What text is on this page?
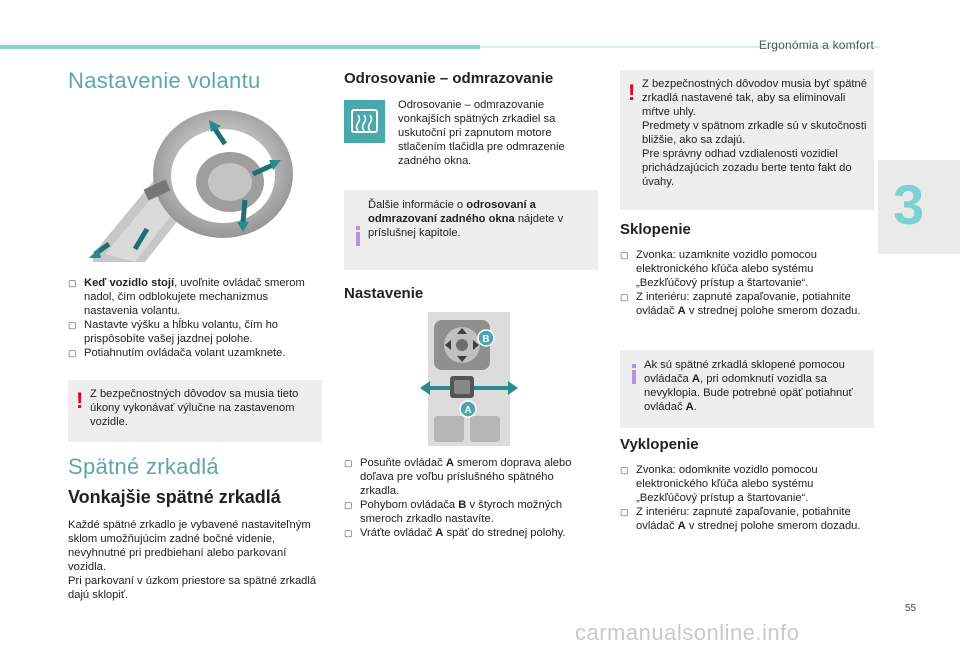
Ergonómia a komfort
3
Nastavenie volantu
▢ Keď vozidlo stojí, uvoľnite ovládač smerom nadol, čím odblokujete mechanizmus nastavenia volantu.
▢ Nastavte výšku a hĺbku volantu, čím ho prispôsobíte vašej jazdnej polohe.
▢ Potiahnutím ovládača volant uzamknete.
! Z bezpečnostných dôvodov sa musia tieto úkony vykonávať výlučne na zastavenom vozidle.
Spätné zrkadlá
Vonkajšie spätné zrkadlá
Každé spätné zrkadlo je vybavené nastaviteľným sklom umožňujúcim zadné bočné videnie, nevyhnutné pri predbiehaní alebo parkovaní vozidla.
Pri parkovaní v úzkom priestore sa spätné zrkadlá dajú sklopiť.
Odrosovanie – odmrazovanie
Odrosovanie – odmrazovanie vonkajších spätných zrkadiel sa uskutoční pri zapnutom motore stlačením tlačidla pre odmrazenie zadného okna.
Ďalšie informácie o odrosovaní a odmrazovaní zadného okna nájdete v príslušnej kapitole.
Nastavenie
B
A
▢ Posuňte ovládač A smerom doprava alebo doľava pre voľbu príslušného spätného zrkadla.
▢ Pohybom ovládača B v štyroch možných smeroch zrkadlo nastavíte.
▢ Vráťte ovládač A späť do strednej polohy.
! Z bezpečnostných dôvodov musia byť spätné zrkadlá nastavené tak, aby sa eliminovali mŕtve uhly.
Predmety v spätnom zrkadle sú v skutočnosti bližšie, ako sa zdajú.
Pre správny odhad vzdialenosti vozidiel prichádzajúcich zozadu berte tento fakt do úvahy.
Sklopenie
▢ Zvonka: uzamknite vozidlo pomocou elektronického kľúča alebo systému „Bezkľúčový prístup a štartovanie“.
▢ Z interiéru: zapnuté zapaľovanie, potiahnite ovládač A v strednej polohe smerom dozadu.
Ak sú spätné zrkadlá sklopené pomocou ovládača A, pri odomknutí vozidla sa nevyklopia. Bude potrebné opäť potiahnuť ovládač A.
Vyklopenie
▢ Zvonka: odomknite vozidlo pomocou elektronického kľúča alebo systému „Bezkľúčový prístup a štartovanie“.
▢ Z interiéru: zapnuté zapaľovanie, potiahnite ovládač A v strednej polohe smerom dozadu.
55
carmanualsonline.info
